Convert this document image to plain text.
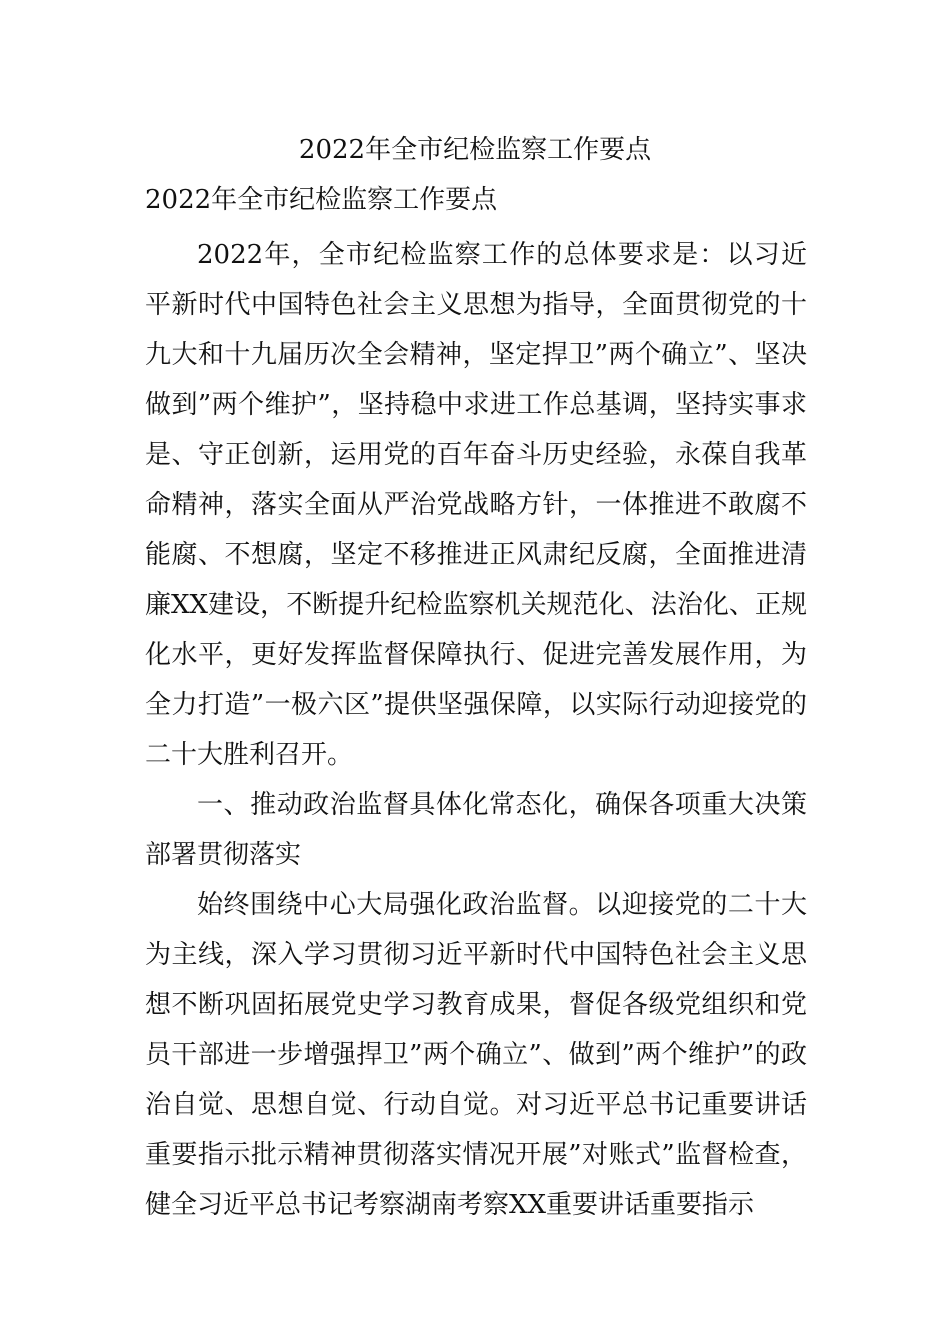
2022年全市纪检监察工作要点
2022年全市纪检监察工作要点

2022年，全市纪检监察工作的总体要求是：以习近平新时代中国特色社会主义思想为指导，全面贯彻党的十九大和十九届历次全会精神，坚定捍卫”两个确立”、坚决做到”两个维护”，坚持稳中求进工作总基调，坚持实事求是、守正创新，运用党的百年奋斗历史经验，永葆自我革命精神，落实全面从严治党战略方针，一体推进不敢腐不能腐、不想腐，坚定不移推进正风肃纪反腐，全面推进清廉XX建设，不断提升纪检监察机关规范化、法治化、正规化水平，更好发挥监督保障执行、促进完善发展作用，为全力打造”一极六区”提供坚强保障，以实际行动迎接党的二十大胜利召开。

一、推动政治监督具体化常态化，确保各项重大决策部署贯彻落实

始终围绕中心大局强化政治监督。以迎接党的二十大为主线，深入学习贯彻习近平新时代中国特色社会主义思想不断巩固拓展党史学习教育成果，督促各级党组织和党员干部进一步增强捍卫”两个确立”、做到”两个维护”的政治自觉、思想自觉、行动自觉。对习近平总书记重要讲话重要指示批示精神贯彻落实情况开展”对账式”监督检查，健全习近平总书记考察湖南考察XX重要讲话重要指示
